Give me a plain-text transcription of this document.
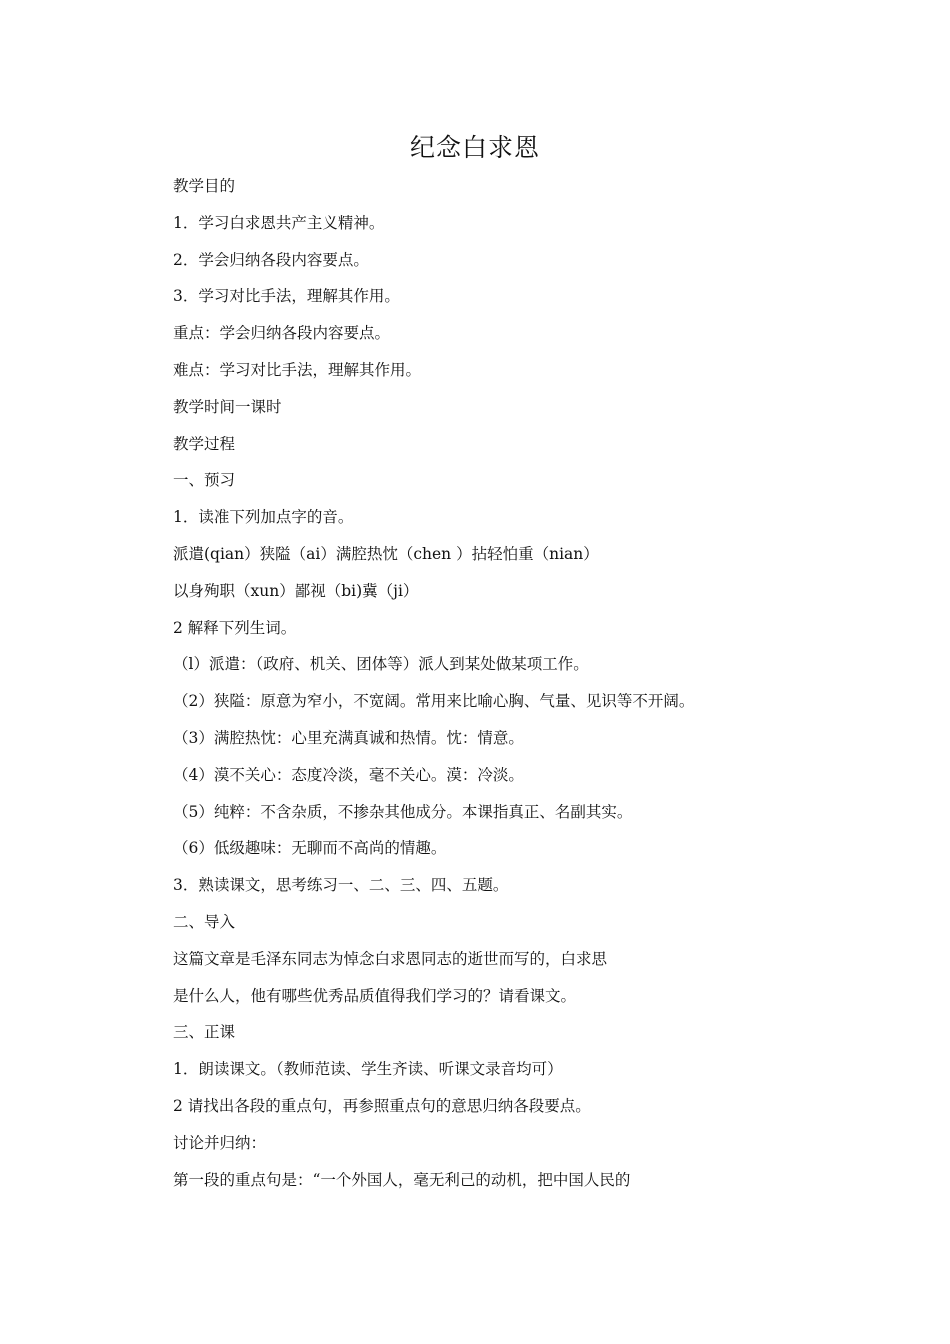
纪念白求恩
教学目的
1．学习白求恩共产主义精神。
2．学会归纳各段内容要点。
3．学习对比手法，理解其作用。
重点：学会归纳各段内容要点。
难点：学习对比手法，理解其作用。
教学时间一课时
教学过程
一、预习
1．读准下列加点字的音。
派遣(qian）狭隘（ai）满腔热忱（chen ）拈轻怕重（nian）
以身殉职（xun）鄙视（bi)冀（ji）
2 解释下列生词。
（l）派遣：（政府、机关、团体等）派人到某处做某项工作。
（2）狭隘：原意为窄小，不宽阔。常用来比喻心胸、气量、见识等不开阔。
（3）满腔热忱：心里充满真诚和热情。忱：情意。
（4）漠不关心：态度冷淡，毫不关心。漠：冷淡。
（5）纯粹：不含杂质，不掺杂其他成分。本课指真正、名副其实。
（6）低级趣味：无聊而不高尚的情趣。
3．熟读课文，思考练习一、二、三、四、五题。
二、导入
这篇文章是毛泽东同志为悼念白求恩同志的逝世而写的，白求思
是什么人，他有哪些优秀品质值得我们学习的？请看课文。
三、正课
1．朗读课文。（教师范读、学生齐读、听课文录音均可）
2 请找出各段的重点句，再参照重点句的意思归纳各段要点。
讨论并归纳：
第一段的重点句是：“一个外国人，毫无利己的动机，把中国人民的
